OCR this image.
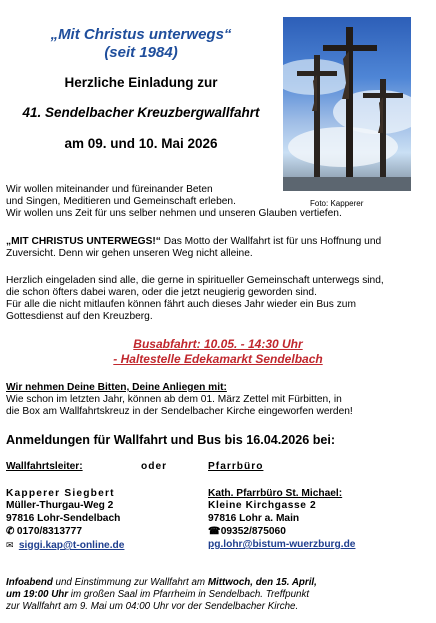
„Mit Christus unterwegs“
(seit 1984)
Herzliche Einladung zur
41. Sendelbacher Kreuzbergwallfahrt
am 09. und 10. Mai 2026
Wir wollen miteinander und füreinander Beten
und Singen, Meditieren und Gemeinschaft erleben.	Foto: Kapperer
Wir wollen uns Zeit für uns selber nehmen und unseren Glauben vertiefen.
„MIT CHRISTUS UNTERWEGS!“ Das Motto der Wallfahrt ist für uns Hoffnung und
Zuversicht. Denn wir gehen unseren Weg nicht alleine.
Herzlich eingeladen sind alle, die gerne in spiritueller Gemeinschaft unterwegs sind,
die schon öfters dabei waren, oder die jetzt neugierig geworden sind.
Für alle die nicht mitlaufen können fährt auch dieses Jahr wieder ein Bus zum
Gottesdienst auf den Kreuzberg.
Busabfahrt: 10.05. - 14:30 Uhr
- Haltestelle Edekamarkt Sendelbach
Wir nehmen Deine Bitten, Deine Anliegen mit:
Wie schon im letzten Jahr, können ab dem 01. März Zettel mit Fürbitten, in
die Box am Wallfahrtskreuz in der Sendelbacher Kirche eingeworfen werden!
Anmeldungen für Wallfahrt und Bus bis 16.04.2026 bei:
Wallfahrtsleiter:	oder	Pfarrbüro
Kapperer Siegbert
Müller-Thurgau-Weg 2
97816 Lohr-Sendelbach
✆ 0170/8313777
✉ siggi.kap@t-online.de
Kath. Pfarrbüro St. Michael:
Kleine Kirchgasse 2
97816 Lohr a. Main
☎09352/875060
pg.lohr@bistum-wuerzburg.de
Infoabend und Einstimmung zur Wallfahrt am Mittwoch, den 15. April,
um 19:00 Uhr im großen Saal im Pfarrheim in Sendelbach. Treffpunkt
zur Wallfahrt am 9. Mai um 04:00 Uhr vor der Sendelbacher Kirche.
